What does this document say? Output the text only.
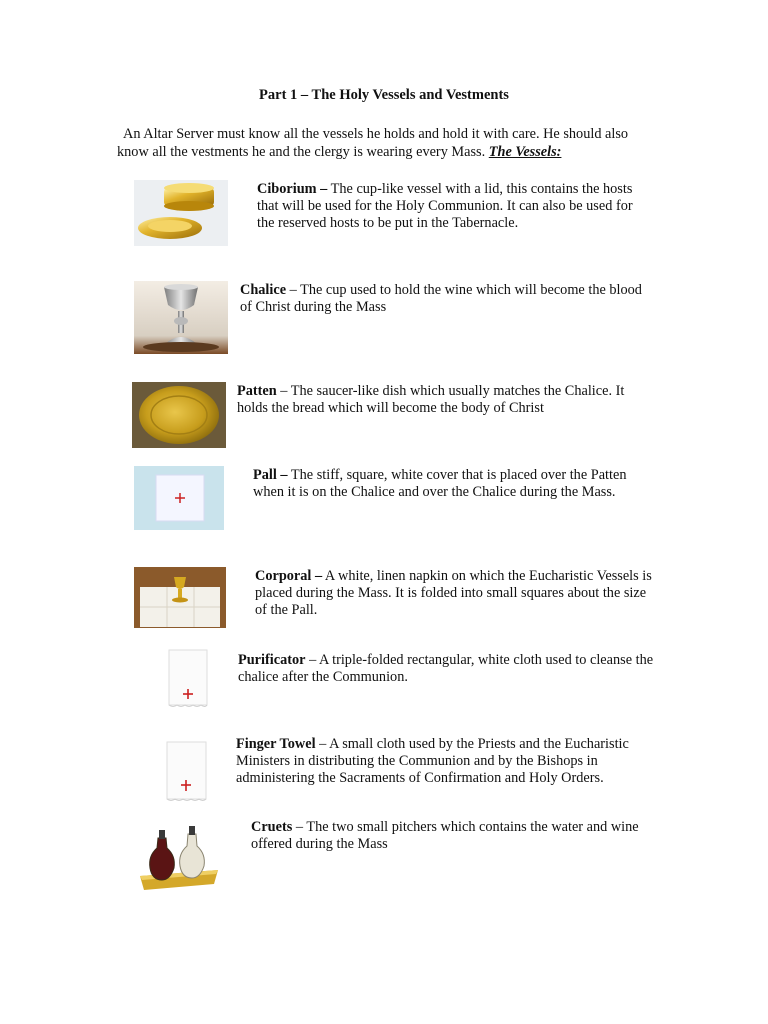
Part 1 – The Holy Vessels and Vestments
An Altar Server must know all the vessels he holds and hold it with care. He should also know all the vestments he and the clergy is wearing every Mass. The Vessels:
Ciborium – The cup-like vessel with a lid, this contains the hosts that will be used for the Holy Communion. It can also be used for the reserved hosts to be put in the Tabernacle.
Chalice – The cup used to hold the wine which will become the blood of Christ during the Mass
Patten – The saucer-like dish which usually matches the Chalice. It holds the bread which will become the body of Christ
Pall – The stiff, square, white cover that is placed over the Patten when it is on the Chalice and over the Chalice during the Mass.
Corporal – A white, linen napkin on which the Eucharistic Vessels is placed during the Mass. It is folded into small squares about the size of the Pall.
Purificator – A triple-folded rectangular, white cloth used to cleanse the chalice after the Communion.
Finger Towel – A small cloth used by the Priests and the Eucharistic Ministers in distributing the Communion and by the Bishops in administering the Sacraments of Confirmation and Holy Orders.
Cruets – The two small pitchers which contains the water and wine offered during the Mass
